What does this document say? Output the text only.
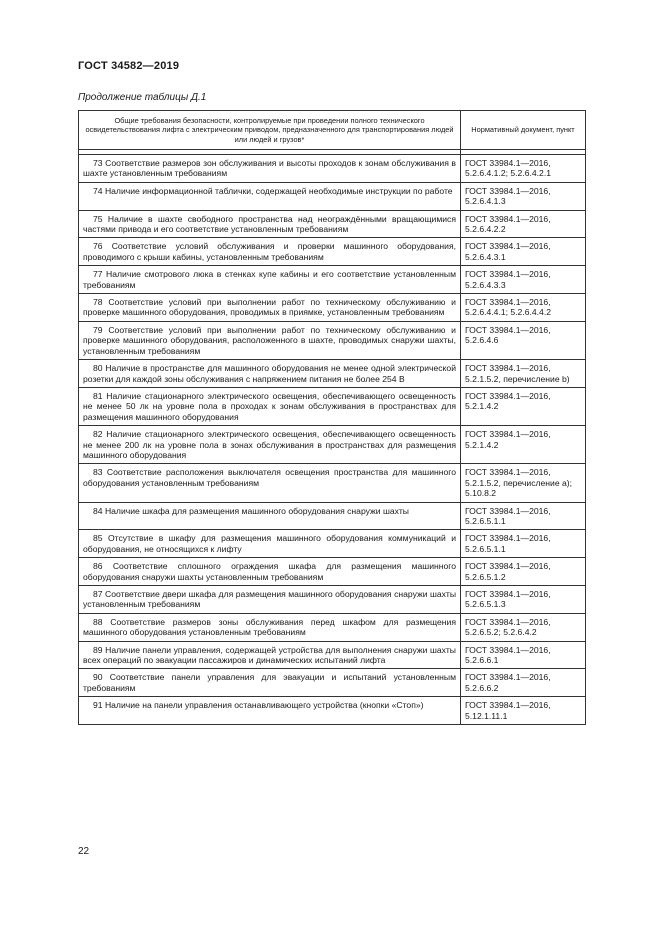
ГОСТ 34582—2019
Продолжение таблицы Д.1
Общие требования безопасности, контролируемые при проведении полного технического освидетельствования лифта с электрическим приводом, предназначенного для транспортирования людей или людей и грузов*	Нормативный документ, пункт

73 Соответствие размеров зон обслуживания и высоты проходов к зонам обслуживания в шахте установленным требованиям	ГОСТ 33984.1—2016, 5.2.6.4.1.2; 5.2.6.4.2.1
74 Наличие информационной таблички, содержащей необходимые инструкции по работе	ГОСТ 33984.1—2016, 5.2.6.4.1.3
75 Наличие в шахте свободного пространства над неограждёнными вращающимися частями привода и его соответствие установленным требованиям	ГОСТ 33984.1—2016, 5.2.6.4.2.2
76 Соответствие условий обслуживания и проверки машинного оборудования, проводимого с крыши кабины, установленным требованиям	ГОСТ 33984.1—2016, 5.2.6.4.3.1
77 Наличие смотрового люка в стенках купе кабины и его соответствие установленным требованиям	ГОСТ 33984.1—2016, 5.2.6.4.3.3
78 Соответствие условий при выполнении работ по техническому обслуживанию и проверке машинного оборудования, проводимых в приямке, установленным требованиям	ГОСТ 33984.1—2016, 5.2.6.4.4.1; 5.2.6.4.4.2
79 Соответствие условий при выполнении работ по техническому обслуживанию и проверке машинного оборудования, расположенного в шахте, проводимых снаружи шахты, установленным требованиям	ГОСТ 33984.1—2016, 5.2.6.4.6
80 Наличие в пространстве для машинного оборудования не менее одной электрической розетки для каждой зоны обслуживания с напряжением питания не более 254 В	ГОСТ 33984.1—2016, 5.2.1.5.2, перечисление b)
81 Наличие стационарного электрического освещения, обеспечивающего освещенность не менее 50 лк на уровне пола в проходах к зонам обслуживания в пространствах для размещения машинного оборудования	ГОСТ 33984.1—2016, 5.2.1.4.2
82 Наличие стационарного электрического освещения, обеспечивающего освещенность не менее 200 лк на уровне пола в зонах обслуживания в пространствах для размещения машинного оборудования	ГОСТ 33984.1—2016, 5.2.1.4.2
83 Соответствие расположения выключателя освещения пространства для машинного оборудования установленным требованиям	ГОСТ 33984.1—2016, 5.2.1.5.2, перечисление a); 5.10.8.2
84 Наличие шкафа для размещения машинного оборудования снаружи шахты	ГОСТ 33984.1—2016, 5.2.6.5.1.1
85 Отсутствие в шкафу для размещения машинного оборудования коммуникаций и оборудования, не относящихся к лифту	ГОСТ 33984.1—2016, 5.2.6.5.1.1
86 Соответствие сплошного ограждения шкафа для размещения машинного оборудования снаружи шахты установленным требованиям	ГОСТ 33984.1—2016, 5.2.6.5.1.2
87 Соответствие двери шкафа для размещения машинного оборудования снаружи шахты установленным требованиям	ГОСТ 33984.1—2016, 5.2.6.5.1.3
88 Соответствие размеров зоны обслуживания перед шкафом для размещения машинного оборудования установленным требованиям	ГОСТ 33984.1—2016, 5.2.6.5.2; 5.2.6.4.2
89 Наличие панели управления, содержащей устройства для выполнения снаружи шахты всех операций по эвакуации пассажиров и динамических испытаний лифта	ГОСТ 33984.1—2016, 5.2.6.6.1
90 Соответствие панели управления для эвакуации и испытаний установленным требованиям	ГОСТ 33984.1—2016, 5.2.6.6.2
91 Наличие на панели управления останавливающего устройства (кнопки «Стоп»)	ГОСТ 33984.1—2016, 5.12.1.11.1
22
